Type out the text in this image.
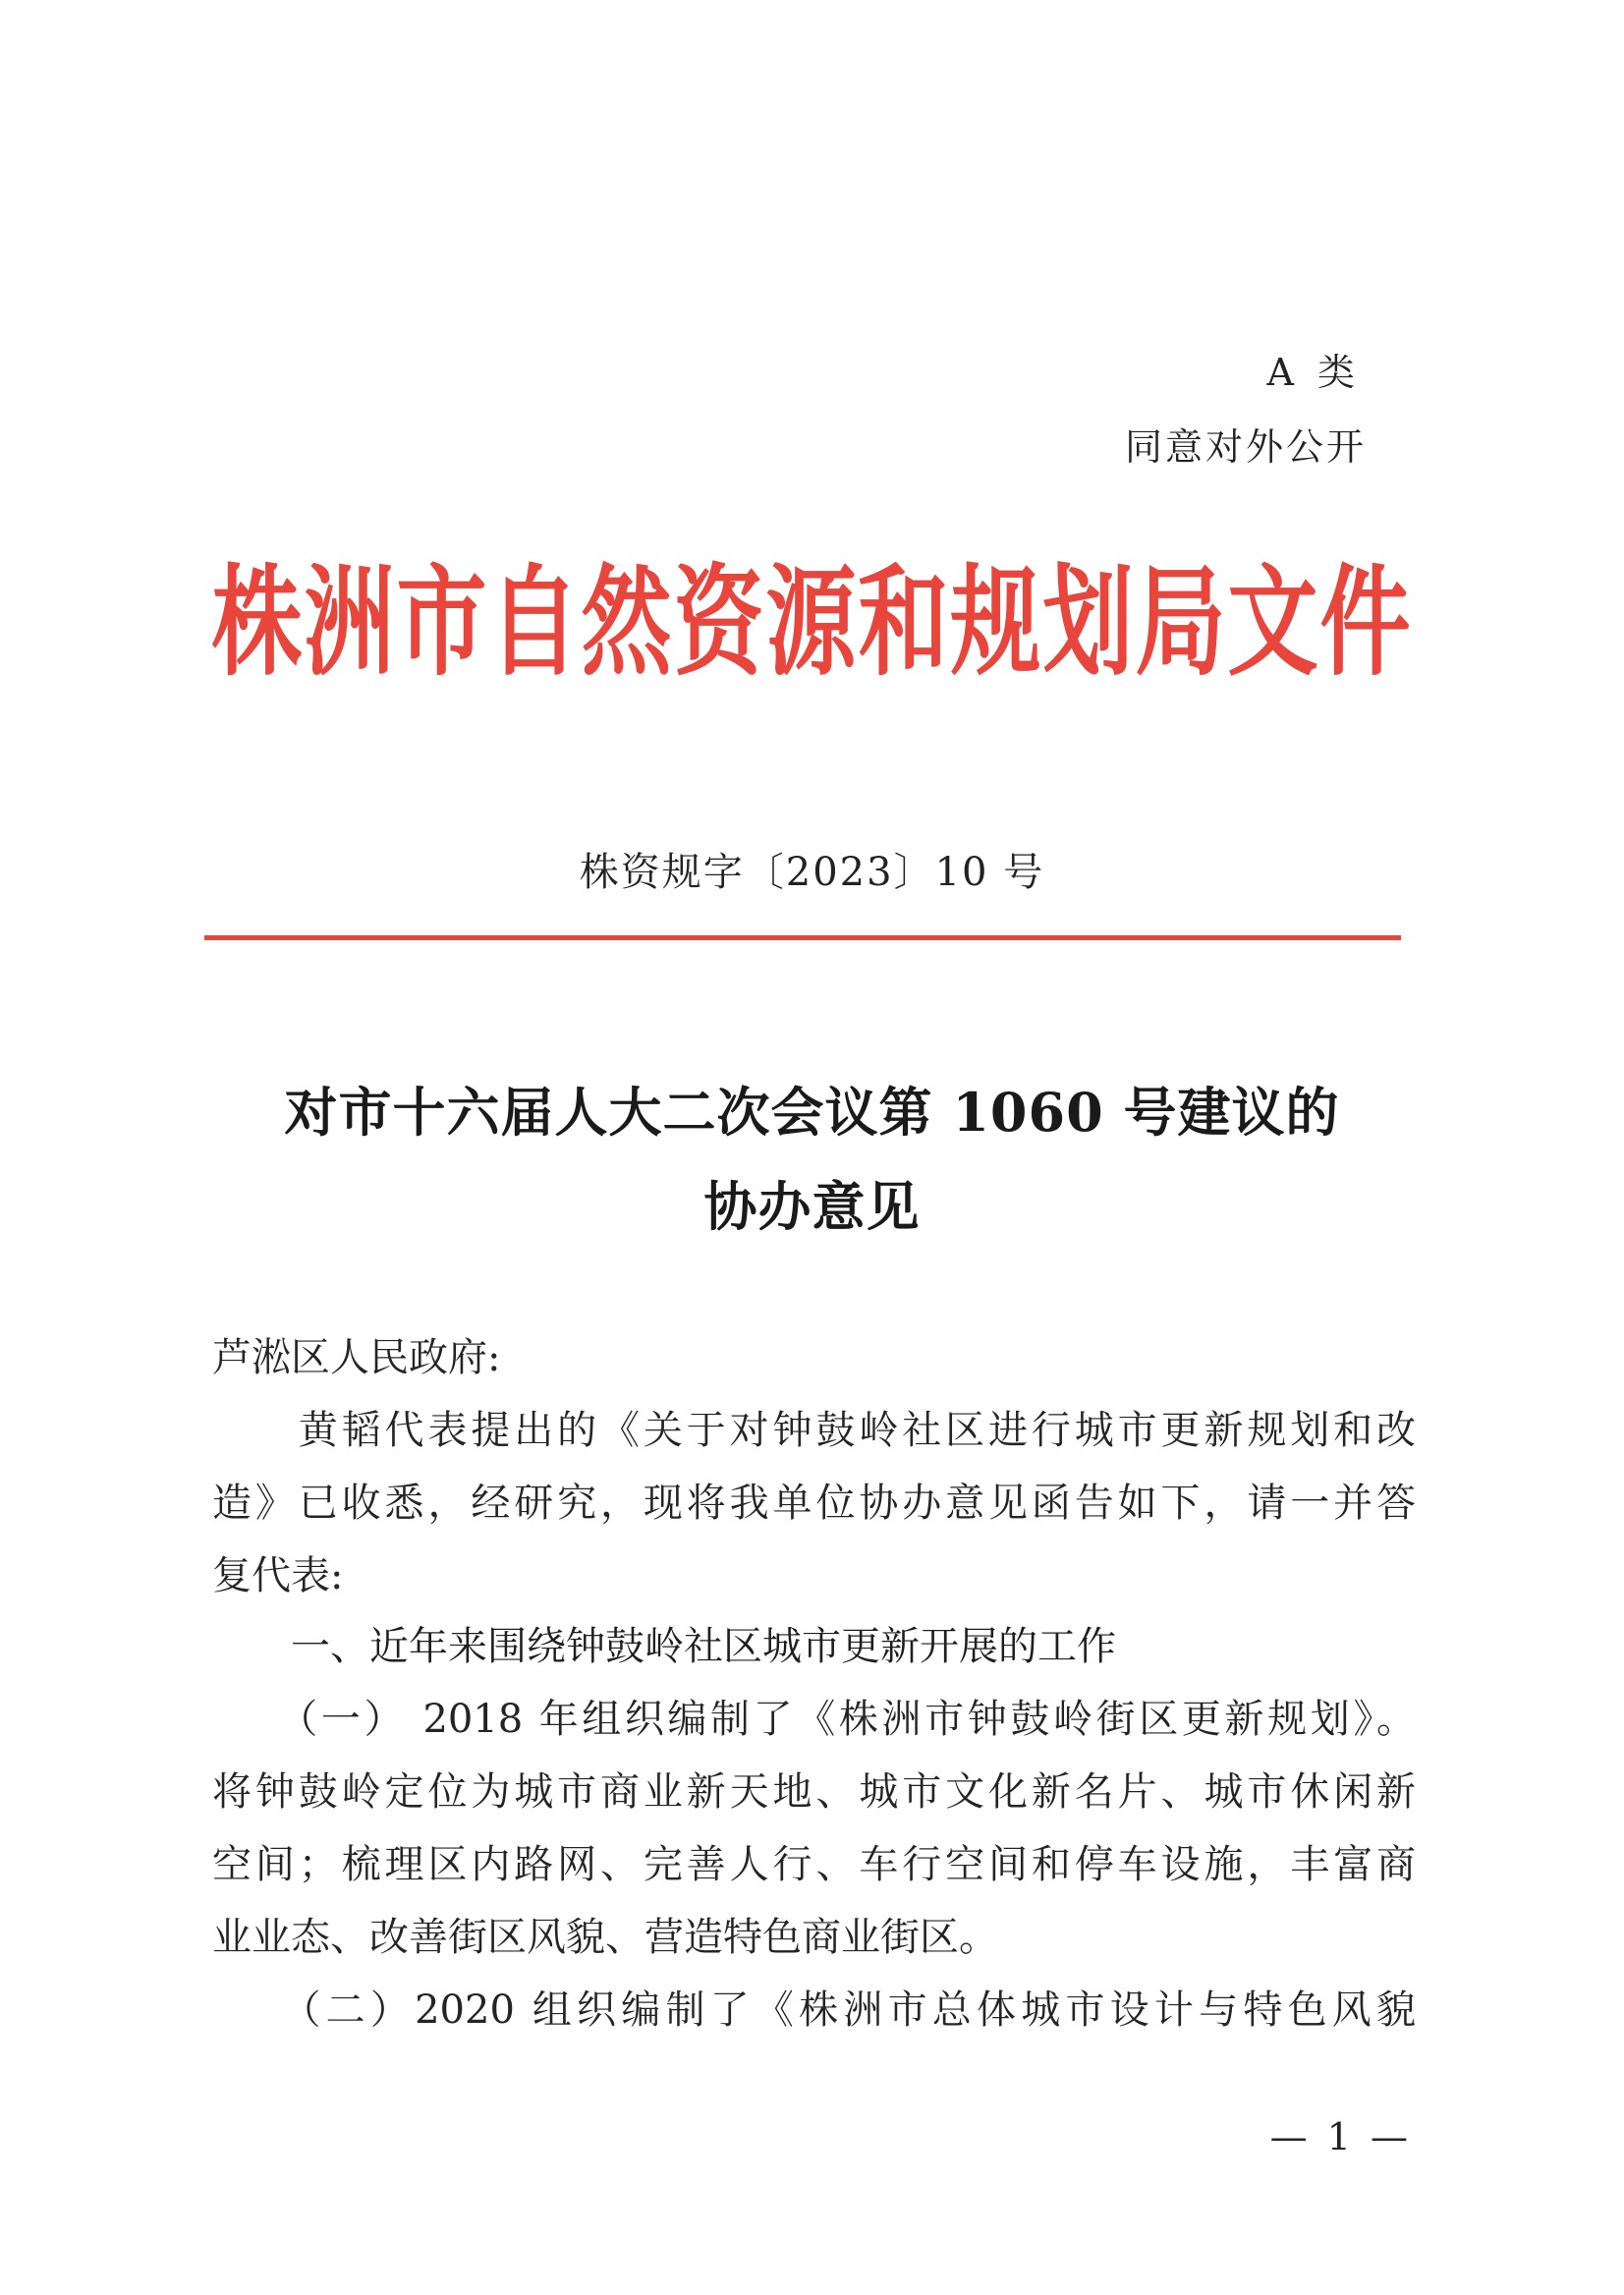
A 类
同意对外公开
株洲市自然资源和规划局文件
株资规字〔2023〕10 号
对市十六届人大二次会议第 1060 号建议的
协办意见
芦淞区人民政府:
　　黄韬代表提出的《关于对钟鼓岭社区进行城市更新规划和改
造》已收悉，经研究，现将我单位协办意见函告如下，请一并答
复代表:
　　一、近年来围绕钟鼓岭社区城市更新开展的工作
　　（一） 2018 年组织编制了《株洲市钟鼓岭街区更新规划》。
将钟鼓岭定位为城市商业新天地、城市文化新名片、城市休闲新
空间；梳理区内路网、完善人行、车行空间和停车设施，丰富商
业业态、改善街区风貌、营造特色商业街区。
　　（二）2020 组织编制了《株洲市总体城市设计与特色风貌
— 1 —
